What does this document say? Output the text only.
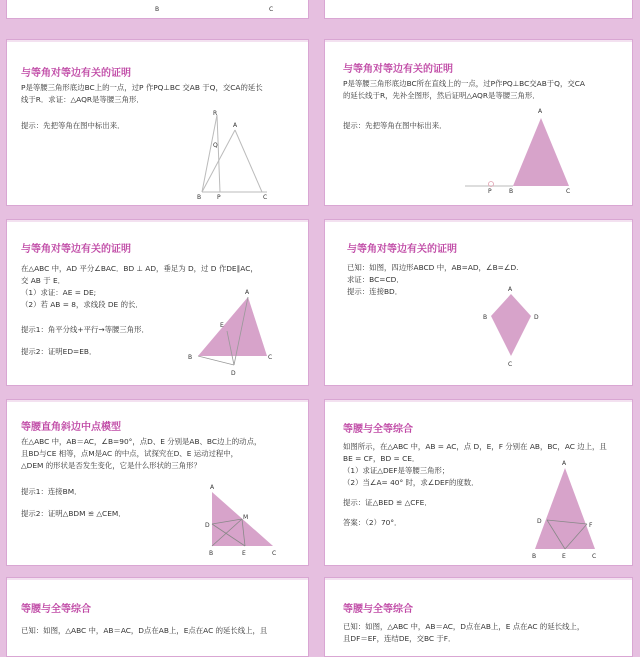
B	C
与等角对等边有关的证明

P是等腰三角形底边BC上的一点，过P 作PQ⊥BC 交AB 于Q，交CA的延长

线于R．求证：△AQR是等腰三角形．

提示：先把等角在图中标出来．
R
A
Q
B	P	C
与等角对等边有关的证明

P是等腰三角形底边BC所在直线上的一点，过P作PQ⊥BC交AB于Q，交CA

的延长线于R，先补全图形，然后证明△AQR是等腰三角形．

提示：先把等角在图中标出来．
A
P	B	C
与等角对等边有关的证明

在△ABC 中，AD 平分∠BAC．BD ⊥ AD，垂足为 D，过 D 作DE∥AC，

交 AB 于 E．

（1）求证：AE = DE;

（2）若 AB = 8，求线段 DE 的长．

提示1：角平分线+平行→等腰三角形．
提示2：证明ED=EB．
A
E
B	C
D
与等角对等边有关的证明

已知：如图，四边形ABCD 中，AB=AD，∠B=∠D.

求证：BC=CD．

提示：连接BD．	A
B	D
C
等腰直角斜边中点模型

在△ABC 中，AB＝AC，∠B=90°，点D、E 分别是AB、BC边上的动点，

且BD与CE 相等，点M是AC 的中点，试探究在D、E 运动过程中，

△DEM 的形状是否发生变化，它是什么形状的三角形？

提示1：连接BM．
提示2：证明△BDM ≌ △CEM．
A
M
D
B	E	C
等腰与全等综合

如图所示，在△ABC 中，AB = AC，点 D，E，F 分别在 AB，BC，AC 边上，且

BE = CF，BD = CE．

（1）求证△DEF是等腰三角形；

（2）当∠A= 40° 时，求∠DEF的度数．

提示：证△BED ≌ △CFE．

答案：（2）70°．

A
D
F
B	E	C
等腰与全等综合

已知：如图，△ABC 中，AB＝AC，D点在AB上，E点在AC 的延长线上，且

等腰与全等综合

已知：如图，△ABC 中，AB＝AC，D点在AB上，E 点在AC 的延长线上，

且DF＝EF，连结DE，交BC 于F．
